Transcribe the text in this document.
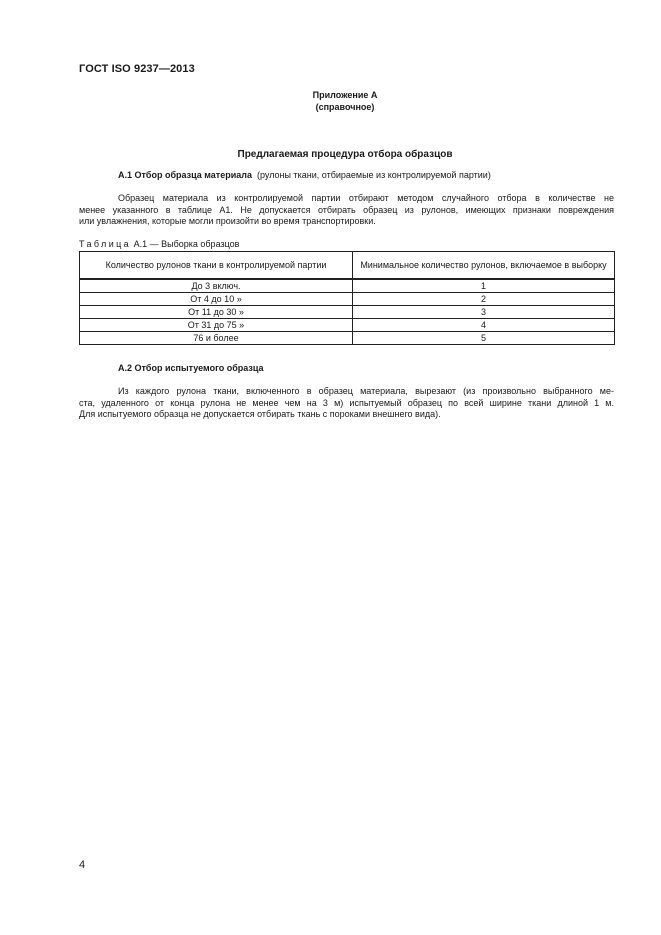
ГОСТ ISO 9237—2013
Приложение А
(справочное)
Предлагаемая процедура отбора образцов
А.1 Отбор образца материала (рулоны ткани, отбираемые из контролируемой партии)
Образец материала из контролируемой партии отбирают методом случайного отбора в количестве не
менее указанного в таблице А1. Не допускается отбирать образец из рулонов, имеющих признаки повреждения
или увлажнения, которые могли произойти во время транспортировки.
Таблица А.1 — Выборка образцов
Количество рулонов ткани в контролируемой партии	Минимальное количество рулонов, включаемое в выборку
До 3 включ.	1
От 4 до 10 »	2
От 11 до 30 »	3
От 31 до 75 »	4
76 и более	5
А.2 Отбор испытуемого образца
Из каждого рулона ткани, включенного в образец материала, вырезают (из произвольно выбранного ме-
ста, удаленного от конца рулона не менее чем на 3 м) испытуемый образец по всей ширине ткани длиной 1 м.
Для испытуемого образца не допускается отбирать ткань с пороками внешнего вида).
4
